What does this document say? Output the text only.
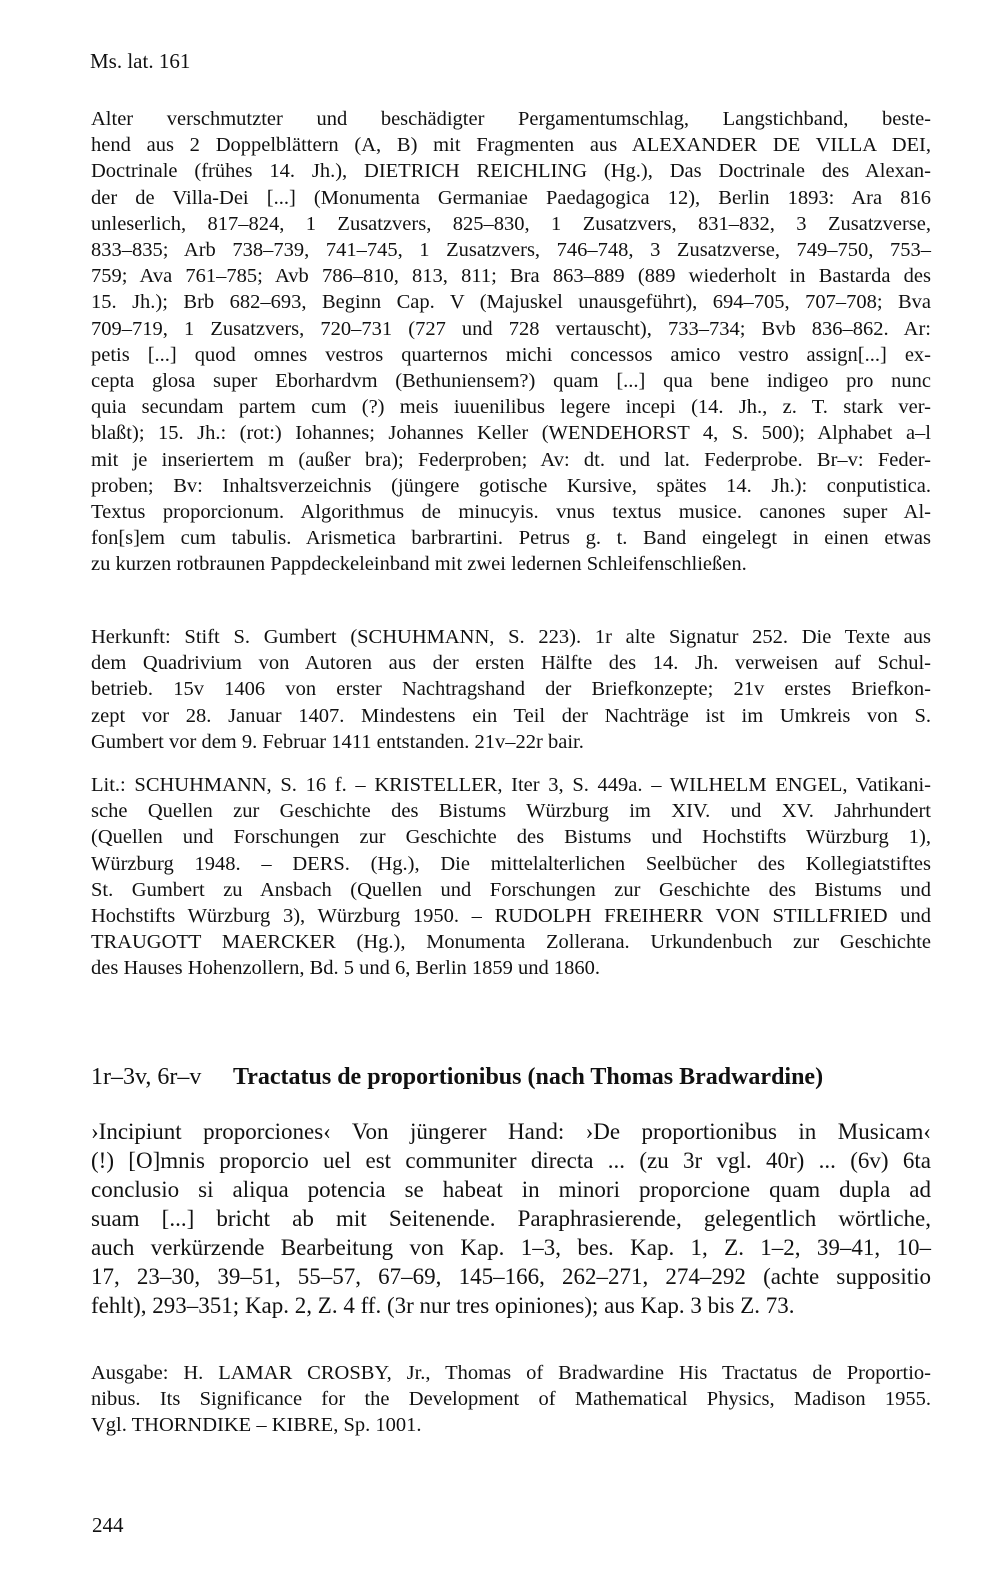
Ms. lat. 161
Alter verschmutzter und beschädigter Pergamentumschlag, Langstichband, beste-
hend aus 2 Doppelblättern (A, B) mit Fragmenten aus ALEXANDER DE VILLA DEI,
Doctrinale (frühes 14. Jh.), DIETRICH REICHLING (Hg.), Das Doctrinale des Alexan-
der de Villa-Dei [...] (Monumenta Germaniae Paedagogica 12), Berlin 1893: Ara 816
unleserlich, 817–824, 1 Zusatzvers, 825–830, 1 Zusatzvers, 831–832, 3 Zusatzverse,
833–835; Arb 738–739, 741–745, 1 Zusatzvers, 746–748, 3 Zusatzverse, 749–750, 753–
759; Ava 761–785; Avb 786–810, 813, 811; Bra 863–889 (889 wiederholt in Bastarda des
15. Jh.); Brb 682–693, Beginn Cap. V (Majuskel unausgeführt), 694–705, 707–708; Bva
709–719, 1 Zusatzvers, 720–731 (727 und 728 vertauscht), 733–734; Bvb 836–862. Ar:
petis [...] quod omnes vestros quarternos michi concessos amico vestro assign[...] ex-
cepta glosa super Eborhardvm (Bethuniensem?) quam [...] qua bene indigeo pro nunc
quia secundam partem cum (?) meis iuuenilibus legere incepi (14. Jh., z. T. stark ver-
blaßt); 15. Jh.: (rot:) Iohannes; Johannes Keller (WENDEHORST 4, S. 500); Alphabet a–l
mit je inseriertem m (außer bra); Federproben; Av: dt. und lat. Federprobe. Br–v: Feder-
proben; Bv: Inhaltsverzeichnis (jüngere gotische Kursive, spätes 14. Jh.): conputistica.
Textus proporcionum. Algorithmus de minucyis. vnus textus musice. canones super Al-
fon[s]em cum tabulis. Arismetica barbrartini. Petrus g. t. Band eingelegt in einen etwas
zu kurzen rotbraunen Pappdeckeleinband mit zwei ledernen Schleifenschließen.
Herkunft: Stift S. Gumbert (SCHUHMANN, S. 223). 1r alte Signatur 252. Die Texte aus
dem Quadrivium von Autoren aus der ersten Hälfte des 14. Jh. verweisen auf Schul-
betrieb. 15v 1406 von erster Nachtragshand der Briefkonzepte; 21v erstes Briefkon-
zept vor 28. Januar 1407. Mindestens ein Teil der Nachträge ist im Umkreis von S.
Gumbert vor dem 9. Februar 1411 entstanden. 21v–22r bair.
Lit.: SCHUHMANN, S. 16 f. – KRISTELLER, Iter 3, S. 449a. – WILHELM ENGEL, Vatikani-
sche Quellen zur Geschichte des Bistums Würzburg im XIV. und XV. Jahrhundert
(Quellen und Forschungen zur Geschichte des Bistums und Hochstifts Würzburg 1),
Würzburg 1948. – DERS. (Hg.), Die mittelalterlichen Seelbücher des Kollegiatstiftes
St. Gumbert zu Ansbach (Quellen und Forschungen zur Geschichte des Bistums und
Hochstifts Würzburg 3), Würzburg 1950. – RUDOLPH FREIHERR VON STILLFRIED und
TRAUGOTT MAERCKER (Hg.), Monumenta Zollerana. Urkundenbuch zur Geschichte
des Hauses Hohenzollern, Bd. 5 und 6, Berlin 1859 und 1860.
1r–3v, 6r–v Tractatus de proportionibus (nach Thomas Bradwardine)
›Incipiunt proporciones‹ Von jüngerer Hand: ›De proportionibus in Musicam‹
(!) [O]mnis proporcio uel est communiter directa ... (zu 3r vgl. 40r) ... (6v) 6ta
conclusio si aliqua potencia se habeat in minori proporcione quam dupla ad
suam [...] bricht ab mit Seitenende. Paraphrasierende, gelegentlich wörtliche,
auch verkürzende Bearbeitung von Kap. 1–3, bes. Kap. 1, Z. 1–2, 39–41, 10–
17, 23–30, 39–51, 55–57, 67–69, 145–166, 262–271, 274–292 (achte suppositio
fehlt), 293–351; Kap. 2, Z. 4 ff. (3r nur tres opiniones); aus Kap. 3 bis Z. 73.
Ausgabe: H. LAMAR CROSBY, Jr., Thomas of Bradwardine His Tractatus de Proportio-
nibus. Its Significance for the Development of Mathematical Physics, Madison 1955.
Vgl. THORNDIKE – KIBRE, Sp. 1001.
244
